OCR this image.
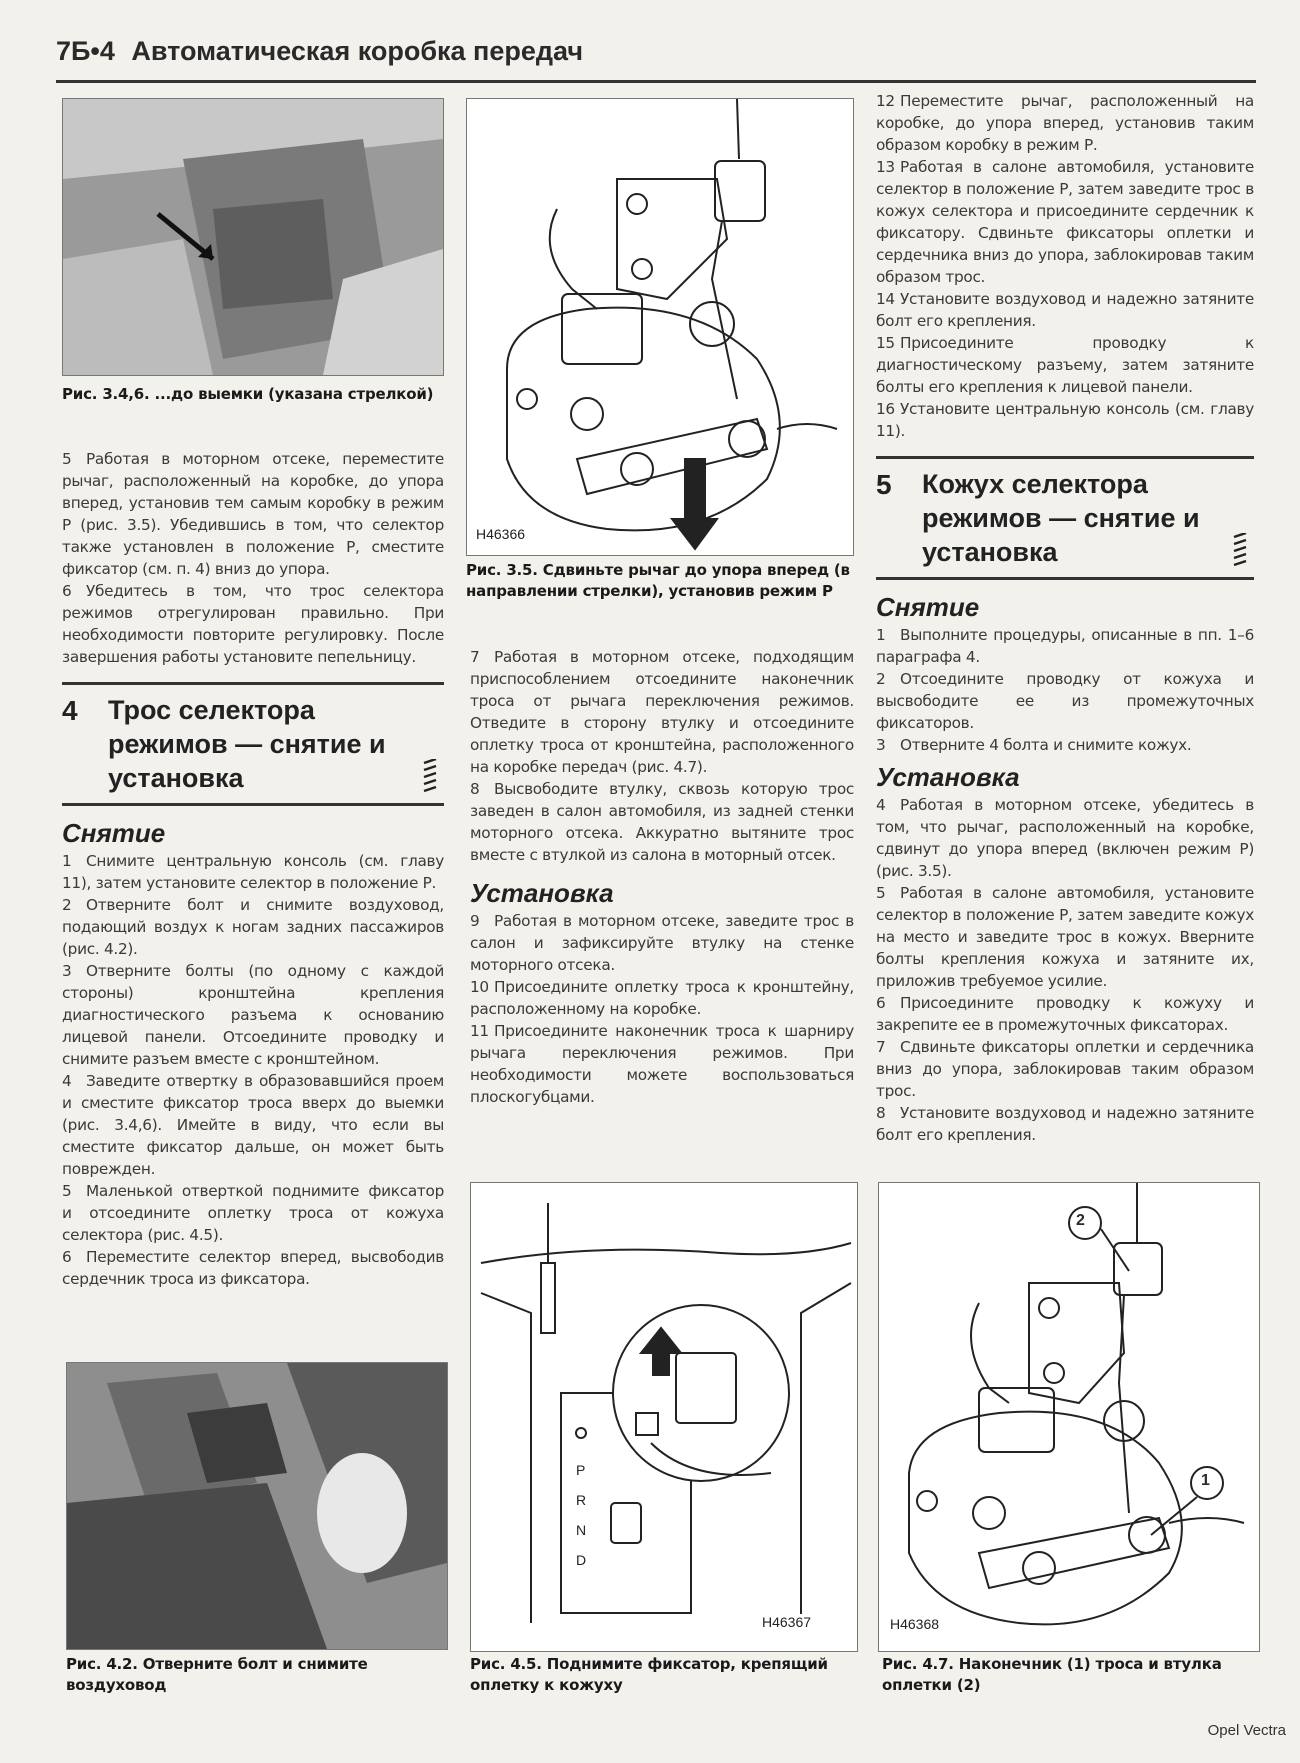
7Б•4 Автоматическая коробка передач
Рис. 3.4,6. ...до выемки (указана стрелкой)
H46366
Рис. 3.5. Сдвиньте рычаг до упора вперед (в направлении стрелки), установив режим Р
Рис. 4.2. Отверните болт и снимите воздуховод
P
R
N
D
H46367
Рис. 4.5. Поднимите фиксатор, крепящий оплетку к кожуху
2
1
H46368
Рис. 4.7. Наконечник (1) троса и втулка оплетки (2)

5 Работая в моторном отсеке, переместите рычаг, расположенный на коробке, до упора вперед, установив тем самым коробку в режим Р (рис. 3.5). Убедившись в том, что селектор также установлен в положение Р, сместите фиксатор (см. п. 4) вниз до упора.

6 Убедитесь в том, что трос селектора режимов отрегулирован правильно. При необходимости повторите регулировку. После завершения работы установите пепельницу.

4 Трос селектора режимов — снятие и установка
Снятие

1 Снимите центральную консоль (см. главу 11), затем установите селектор в положение Р.

2 Отверните болт и снимите воздуховод, подающий воздух к ногам задних пассажиров (рис. 4.2).

3 Отверните болты (по одному с каждой стороны) кронштейна крепления диагностического разъема к основанию лицевой панели. Отсоедините проводку и снимите разъем вместе с кронштейном.

4 Заведите отвертку в образовавшийся проем и сместите фиксатор троса вверх до выемки (рис. 3.4,6). Имейте в виду, что если вы сместите фиксатор дальше, он может быть поврежден.

5 Маленькой отверткой поднимите фиксатор и отсоедините оплетку троса от кожуха селектора (рис. 4.5).

6 Переместите селектор вперед, высвободив сердечник троса из фиксатора.

7 Работая в моторном отсеке, подходящим приспособлением отсоедините наконечник троса от рычага переключения режимов. Отведите в сторону втулку и отсоедините оплетку троса от кронштейна, расположенного на коробке передач (рис. 4.7).

8 Высвободите втулку, сквозь которую трос заведен в салон автомобиля, из задней стенки моторного отсека. Аккуратно вытяните трос вместе с втулкой из салона в моторный отсек.

Установка

9 Работая в моторном отсеке, заведите трос в салон и зафиксируйте втулку на стенке моторного отсека.

10 Присоедините оплетку троса к кронштейну, расположенному на коробке.

11 Присоедините наконечник троса к шарниру рычага переключения режимов. При необходимости можете воспользоваться плоскогубцами.

12 Переместите рычаг, расположенный на коробке, до упора вперед, установив таким образом коробку в режим Р.

13 Работая в салоне автомобиля, установите селектор в положение Р, затем заведите трос в кожух селектора и присоедините сердечник к фиксатору. Сдвиньте фиксаторы оплетки и сердечника вниз до упора, заблокировав таким образом трос.

14 Установите воздуховод и надежно затяните болт его крепления.

15 Присоедините проводку к диагностическому разъему, затем затяните болты его крепления к лицевой панели.

16 Установите центральную консоль (см. главу 11).

5 Кожух селектора режимов — снятие и установка
Снятие

1 Выполните процедуры, описанные в пп. 1–6 параграфа 4.

2 Отсоедините проводку от кожуха и высвободите ее из промежуточных фиксаторов.

3 Отверните 4 болта и снимите кожух.

Установка

4 Работая в моторном отсеке, убедитесь в том, что рычаг, расположенный на коробке, сдвинут до упора вперед (включен режим Р) (рис. 3.5).

5 Работая в салоне автомобиля, установите селектор в положение Р, затем заведите кожух на место и заведите трос в кожух. Вверните болты крепления кожуха и затяните их, приложив требуемое усилие.

6 Присоедините проводку к кожуху и закрепите ее в промежуточных фиксаторах.

7 Сдвиньте фиксаторы оплетки и сердечника вниз до упора, заблокировав таким образом трос.

8 Установите воздуховод и надежно затяните болт его крепления.

Opel Vectra
